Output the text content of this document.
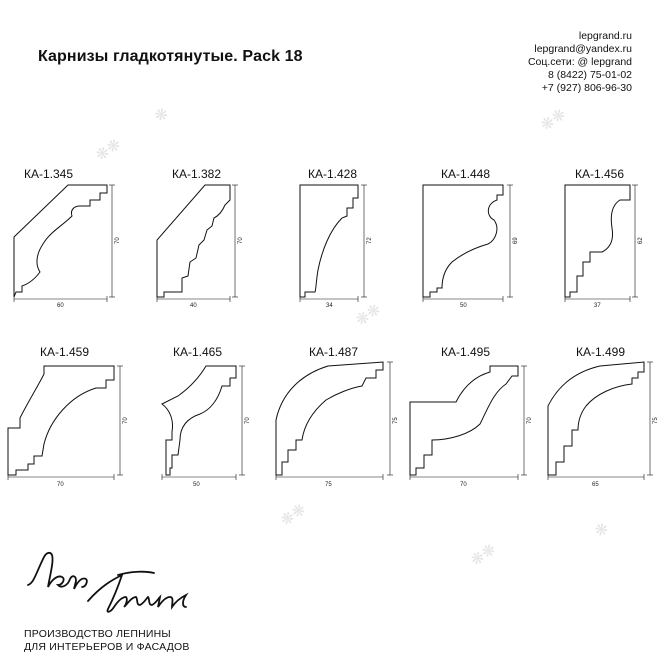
Карнизы гладкотянутые. Pack 18
lepgrand.ru
lepgrand@yandex.ru
Соц.сети: @ lepgrand
8 (8422) 75-01-02
+7 (927) 806-96-30
❋❋
❋
❋❋
❋❋
❋❋
❋❋
❋
КА-1.345	КА-1.382	КА-1.428	КА-1.448	КА-1.456
КА-1.459	КА-1.465	КА-1.487	КА-1.495	КА-1.499
60	40	34	50	37
70	50	75	70	65
70	70	72	69	62
70	70	75	70	75
Леп Гранд
ПРОИЗВОДСТВО ЛЕПНИНЫ
ДЛЯ ИНТЕРЬЕРОВ И ФАСАДОВ
